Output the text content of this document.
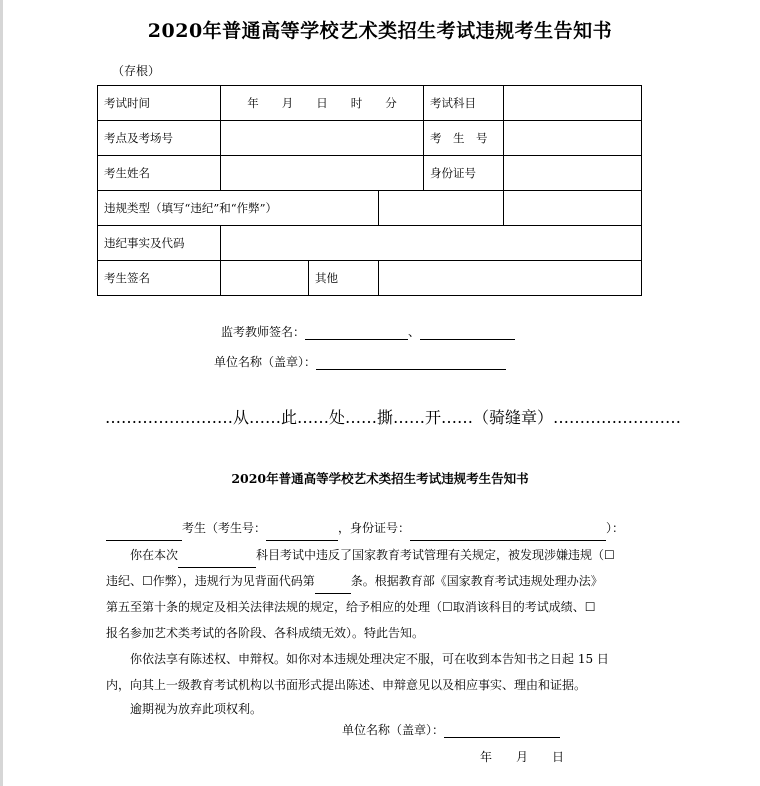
2020年普通高等学校艺术类招生考试违规考生告知书
（存根）
考试时间	年　　月　　日　　时　　分			考试科目	
考点及考场号				考　生　号	
考生姓名				身份证号	
违规类型（填写“违纪”和“作弊”）					
违纪事实及代码					
考生签名		其他			
监考教师签名：	、
单位名称（盖章）：
……………………从……此……处……撕……开……（骑缝章）……………………
2020年普通高等学校艺术类招生考试违规考生告知书
考生（考生号：	，身份证号：	）：
你在本次	科目考试中违反了国家教育考试管理有关规定，被发现涉嫌违规（☐
违纪、☐作弊），违规行为见背面代码第	条。根据教育部《国家教育考试违规处理办法》
第五至第十条的规定及相关法律法规的规定，给予相应的处理（☐取消该科目的考试成绩、☐
报名参加艺术类考试的各阶段、各科成绩无效）。特此告知。
你依法享有陈述权、申辩权。如你对本违规处理决定不服，可在收到本告知书之日起 15 日
内，向其上一级教育考试机构以书面形式提出陈述、申辩意见以及相应事实、理由和证据。
逾期视为放弃此项权利。
单位名称（盖章）：
年　　月　　日
